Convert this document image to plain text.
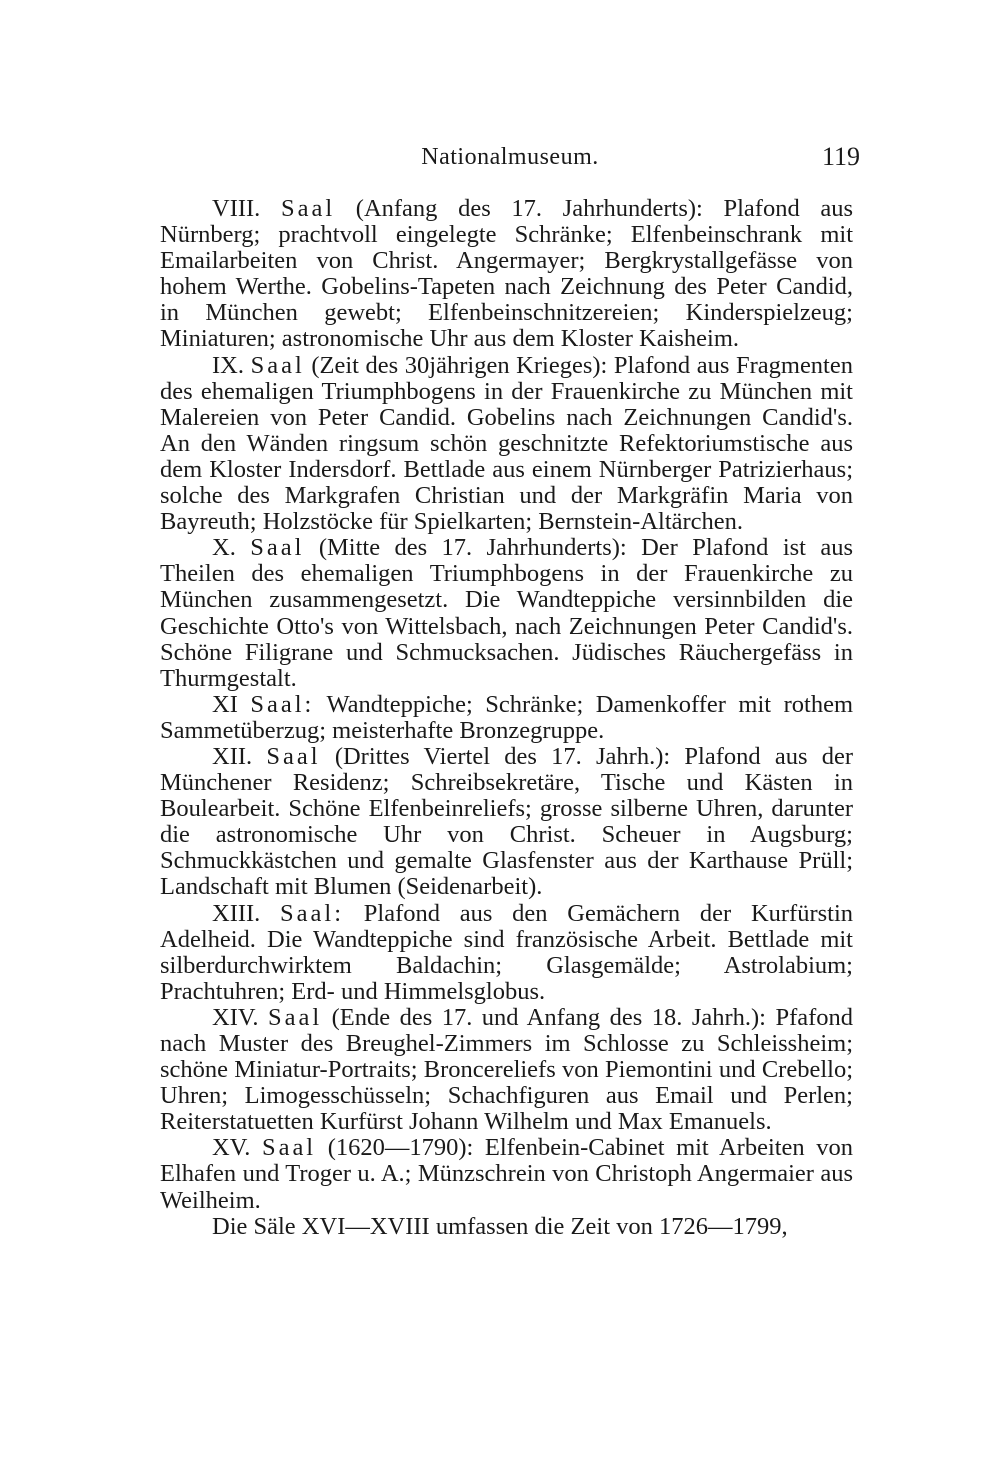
Nationalmuseum.	119

VIII. Saal (Anfang des 17. Jahrhunderts): Plafond aus Nürnberg; prachtvoll eingelegte Schränke; Elfenbeinschrank mit Emailarbeiten von Christ. Angermayer; Bergkrystallgefässe von hohem Werthe. Gobelins-Tapeten nach Zeichnung des Peter Candid, in München gewebt; Elfenbeinschnitzereien; Kinderspielzeug; Miniaturen; astronomische Uhr aus dem Kloster Kaisheim.

IX. Saal (Zeit des 30jährigen Krieges): Plafond aus Fragmenten des ehemaligen Triumphbogens in der Frauenkirche zu München mit Malereien von Peter Candid. Gobelins nach Zeichnungen Candid's. An den Wänden ringsum schön geschnitzte Refektoriumstische aus dem Kloster Indersdorf. Bettlade aus einem Nürnberger Patrizierhaus; solche des Markgrafen Christian und der Markgräfin Maria von Bayreuth; Holzstöcke für Spielkarten; Bernstein-Altärchen.

X. Saal (Mitte des 17. Jahrhunderts): Der Plafond ist aus Theilen des ehemaligen Triumphbogens in der Frauenkirche zu München zusammengesetzt. Die Wandteppiche versinnbilden die Geschichte Otto's von Wittelsbach, nach Zeichnungen Peter Candid's. Schöne Filigrane und Schmucksachen. Jüdisches Räuchergefäss in Thurmgestalt.

XI Saal: Wandteppiche; Schränke; Damenkoffer mit rothem Sammetüberzug; meisterhafte Bronzegruppe.

XII. Saal (Drittes Viertel des 17. Jahrh.): Plafond aus der Münchener Residenz; Schreibsekretäre, Tische und Kästen in Boulearbeit. Schöne Elfenbeinreliefs; grosse silberne Uhren, darunter die astronomische Uhr von Christ. Scheuer in Augsburg; Schmuckkästchen und gemalte Glasfenster aus der Karthause Prüll; Landschaft mit Blumen (Seidenarbeit).

XIII. Saal: Plafond aus den Gemächern der Kurfürstin Adelheid. Die Wandteppiche sind französische Arbeit. Bettlade mit silberdurchwirktem Baldachin; Glasgemälde; Astrolabium; Prachtuhren; Erd- und Himmelsglobus.

XIV. Saal (Ende des 17. und Anfang des 18. Jahrh.): Pfafond nach Muster des Breughel-Zimmers im Schlosse zu Schleissheim; schöne Miniatur-Portraits; Broncereliefs von Piemontini und Crebello; Uhren; Limogesschüsseln; Schachfiguren aus Email und Perlen; Reiterstatuetten Kurfürst Johann Wilhelm und Max Emanuels.

XV. Saal (1620—1790): Elfenbein-Cabinet mit Arbeiten von Elhafen und Troger u. A.; Münzschrein von Christoph Angermaier aus Weilheim.

Die Säle XVI—XVIII umfassen die Zeit von 1726—1799,
